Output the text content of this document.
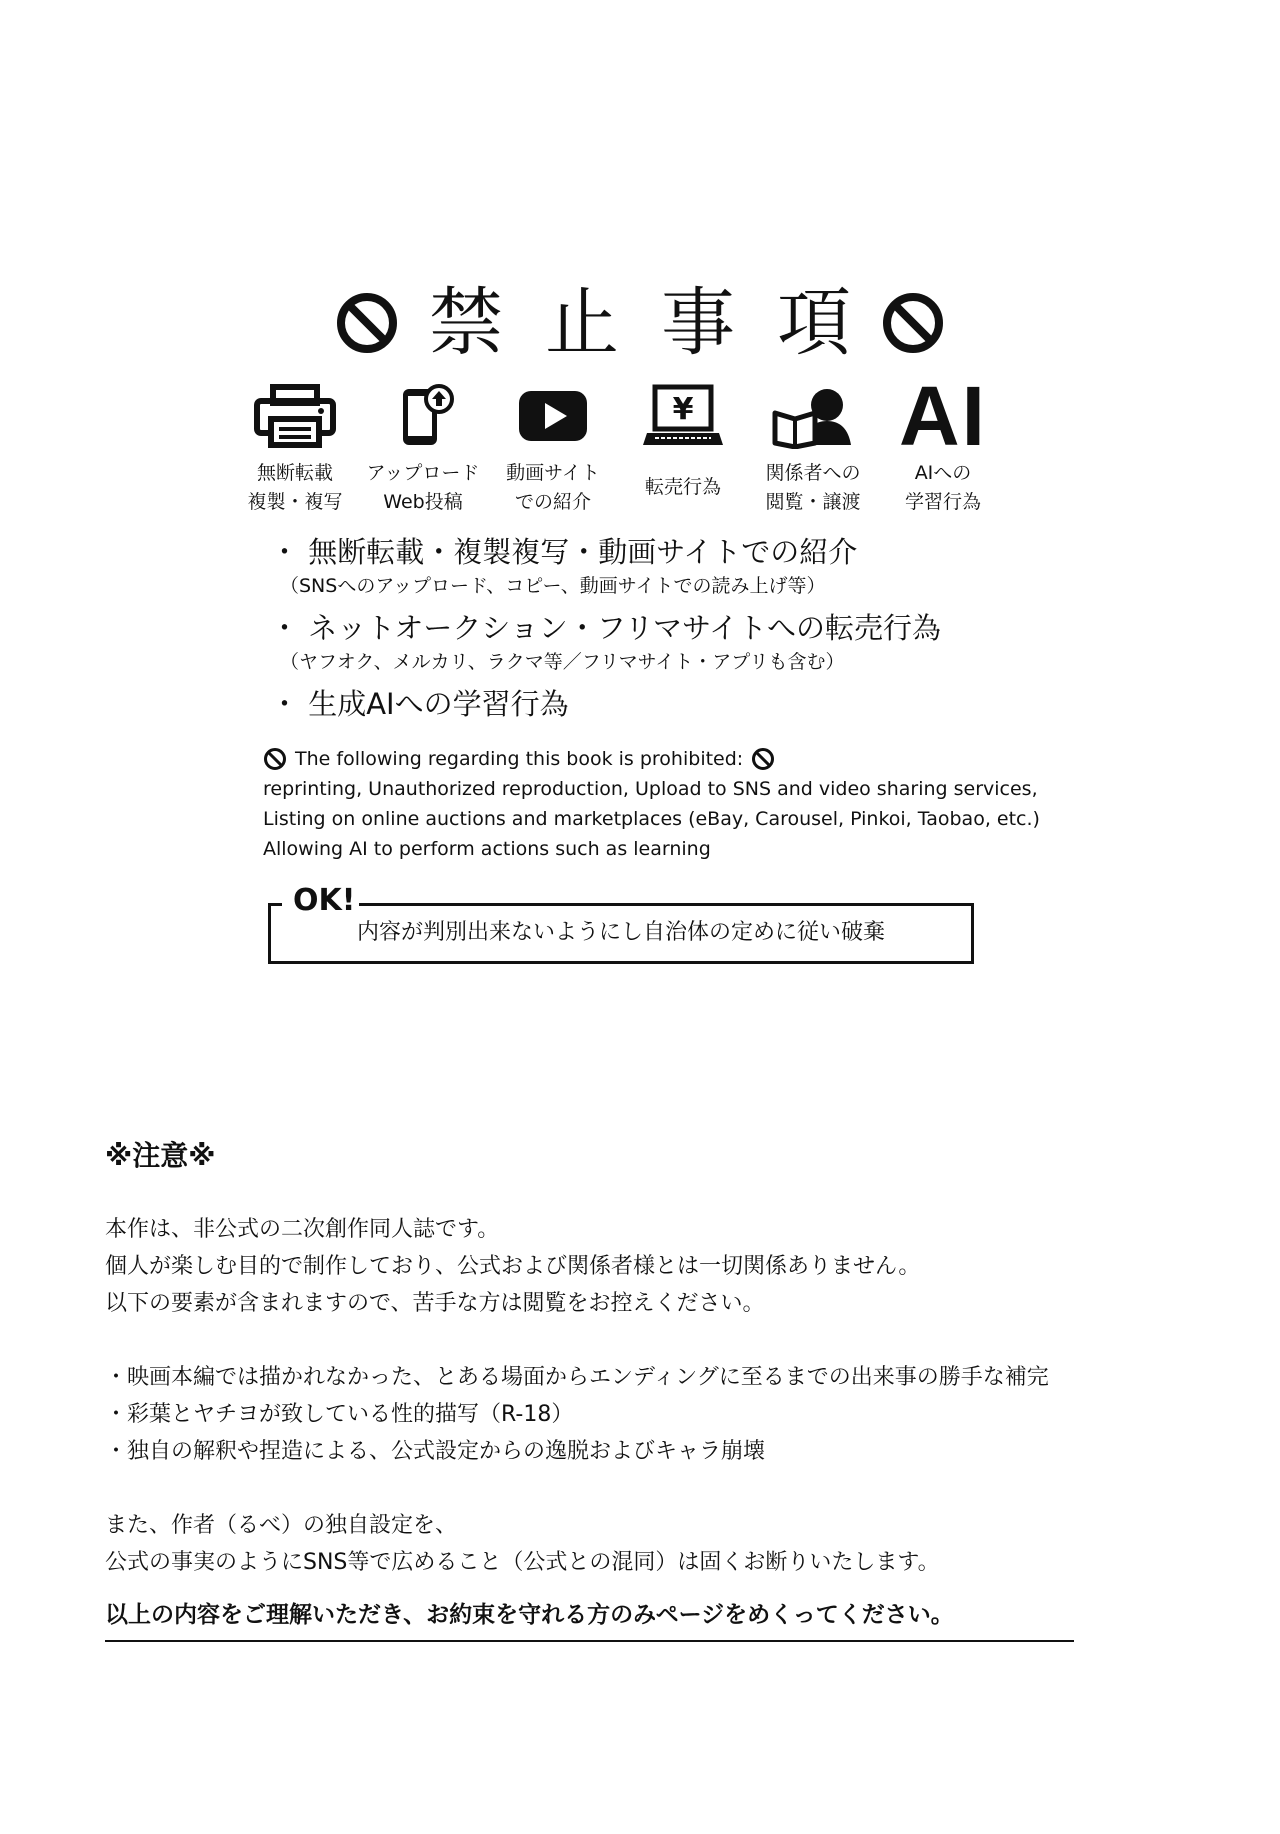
禁止事項
無断転載
複製・複写
アップロード
Web投稿
動画サイト
での紹介
¥
転売行為
関係者への
閲覧・譲渡
AI
AIへの
学習行為
・ 無断転載・複製複写・動画サイトでの紹介
（SNSへのアップロード、コピー、動画サイトでの読み上げ等）
・ ネットオークション・フリマサイトへの転売行為
（ヤフオク、メルカリ、ラクマ等／フリマサイト・アプリも含む）
・ 生成AIへの学習行為
The following regarding this book is prohibited:
reprinting, Unauthorized reproduction, Upload to SNS and video sharing services,
Listing on online auctions and marketplaces (eBay, Carousel, Pinkoi, Taobao, etc.)
Allowing AI to perform actions such as learning
OK!
内容が判別出来ないようにし自治体の定めに従い破棄
※注意※
本作は、非公式の二次創作同人誌です。
個人が楽しむ目的で制作しており、公式および関係者様とは一切関係ありません。
以下の要素が含まれますので、苦手な方は閲覧をお控えください。
・映画本編では描かれなかった、とある場面からエンディングに至るまでの出来事の勝手な補完
・彩葉とヤチヨが致している性的描写（R-18）
・独自の解釈や捏造による、公式設定からの逸脱およびキャラ崩壊
また、作者（るべ）の独自設定を、
公式の事実のようにSNS等で広めること（公式との混同）は固くお断りいたします。
以上の内容をご理解いただき、お約束を守れる方のみページをめくってください。
